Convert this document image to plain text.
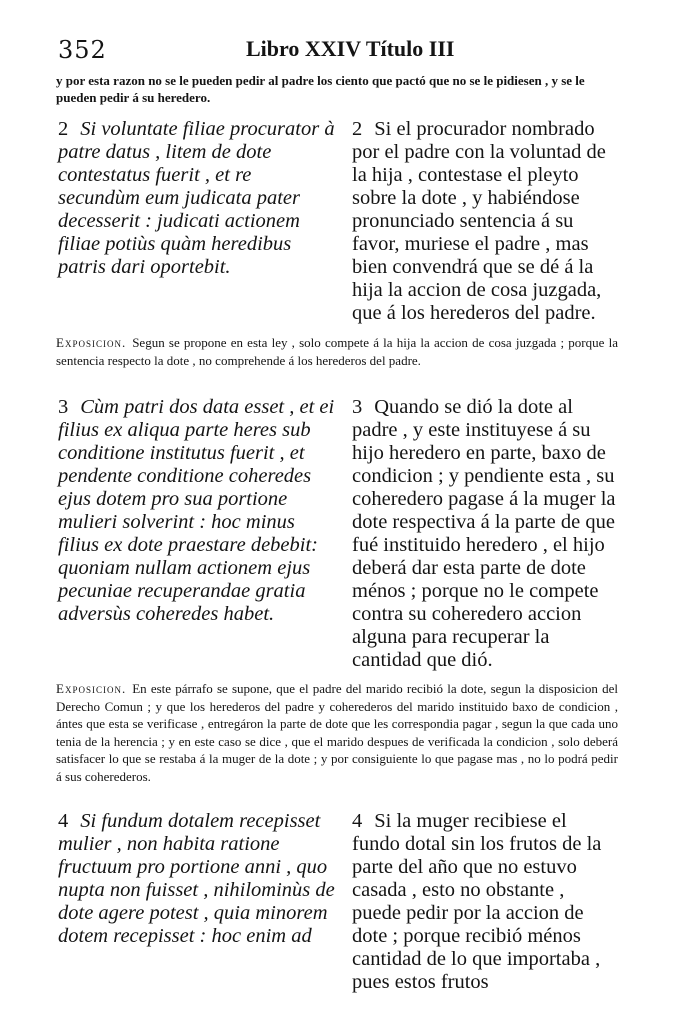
352	Libro XXIV Título III
y por esta razon no se le pueden pedir al padre los ciento que pactó que no se le pidiesen , y se le pueden pedir á su heredero.
2 Si voluntate filiae procurator à patre datus , litem de dote contestatus fuerit , et re secundùm eum judicata pater decesserit : judicati actionem filiae potiùs quàm heredibus patris dari oportebit.
2 Si el procurador nombrado por el padre con la voluntad de la hija , contestase el pleyto sobre la dote , y habiéndose pronunciado sentencia á su favor, muriese el padre , mas bien convendrá que se dé á la hija la accion de cosa juzgada, que á los herederos del padre.
Exposicion. Segun se propone en esta ley , solo compete á la hija la accion de cosa juzgada ; porque la sentencia respecto la dote , no comprehende á los herederos del padre.
3 Cùm patri dos data esset , et ei filius ex aliqua parte heres sub conditione institutus fuerit , et pendente conditione coheredes ejus dotem pro sua portione mulieri solverint : hoc minus filius ex dote praestare debebit: quoniam nullam actionem ejus pecuniae recuperandae gratia adversùs coheredes habet.
3 Quando se dió la dote al padre , y este instituyese á su hijo heredero en parte, baxo de condicion ; y pendiente esta , su coheredero pagase á la muger la dote respectiva á la parte de que fué instituido heredero , el hijo deberá dar esta parte de dote ménos ; porque no le compete contra su coheredero accion alguna para recuperar la cantidad que dió.
Exposicion. En este párrafo se supone, que el padre del marido recibió la dote, segun la disposicion del Derecho Comun ; y que los herederos del padre y coherederos del marido instituido baxo de condicion , ántes que esta se verificase , entregáron la parte de dote que les correspondia pagar , segun la que cada uno tenia de la herencia ; y en este caso se dice , que el marido despues de verificada la condicion , solo deberá satisfacer lo que se restaba á la muger de la dote ; y por consiguiente lo que pagase mas , no lo podrá pedir á sus coherederos.
4 Si fundum dotalem recepisset mulier , non habita ratione fructuum pro portione anni , quo nupta non fuisset , nihilominùs de dote agere potest , quia minorem dotem recepisset : hoc enim ad
4 Si la muger recibiese el fundo dotal sin los frutos de la parte del año que no estuvo casada , esto no obstante , puede pedir por la accion de dote ; porque recibió ménos cantidad de lo que importaba , pues estos frutos
